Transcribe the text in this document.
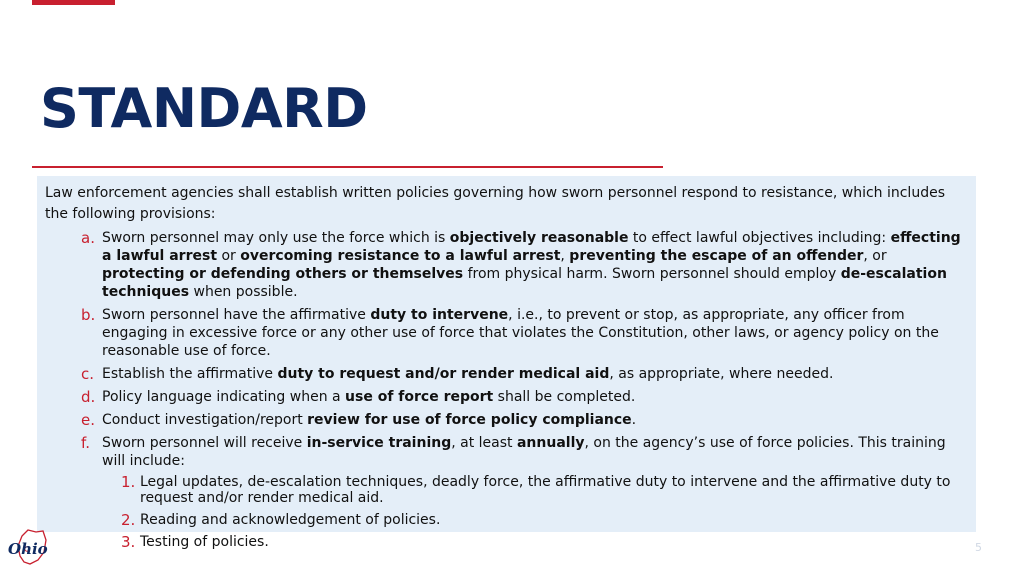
STANDARD

Law enforcement agencies shall establish written policies governing how sworn personnel respond to resistance, which includes the following provisions:

a. Sworn personnel may only use the force which is objectively reasonable to effect lawful objectives including: effecting a lawful arrest or overcoming resistance to a lawful arrest, preventing the escape of an offender, or protecting or defending others or themselves from physical harm. Sworn personnel should employ de-escalation techniques when possible.
b. Sworn personnel have the affirmative duty to intervene, i.e., to prevent or stop, as appropriate, any officer from engaging in excessive force or any other use of force that violates the Constitution, other laws, or agency policy on the reasonable use of force.
c. Establish the affirmative duty to request and/or render medical aid, as appropriate, where needed.
d. Policy language indicating when a use of force report shall be completed.
e. Conduct investigation/report review for use of force policy compliance.
f. Sworn personnel will receive in-service training, at least annually, on the agency’s use of force policies. This training will include:
1. Legal updates, de-escalation techniques, deadly force, the affirmative duty to intervene and the affirmative duty to request and/or render medical aid.
2. Reading and acknowledgement of policies.
3. Testing of policies.
Ohio	5
